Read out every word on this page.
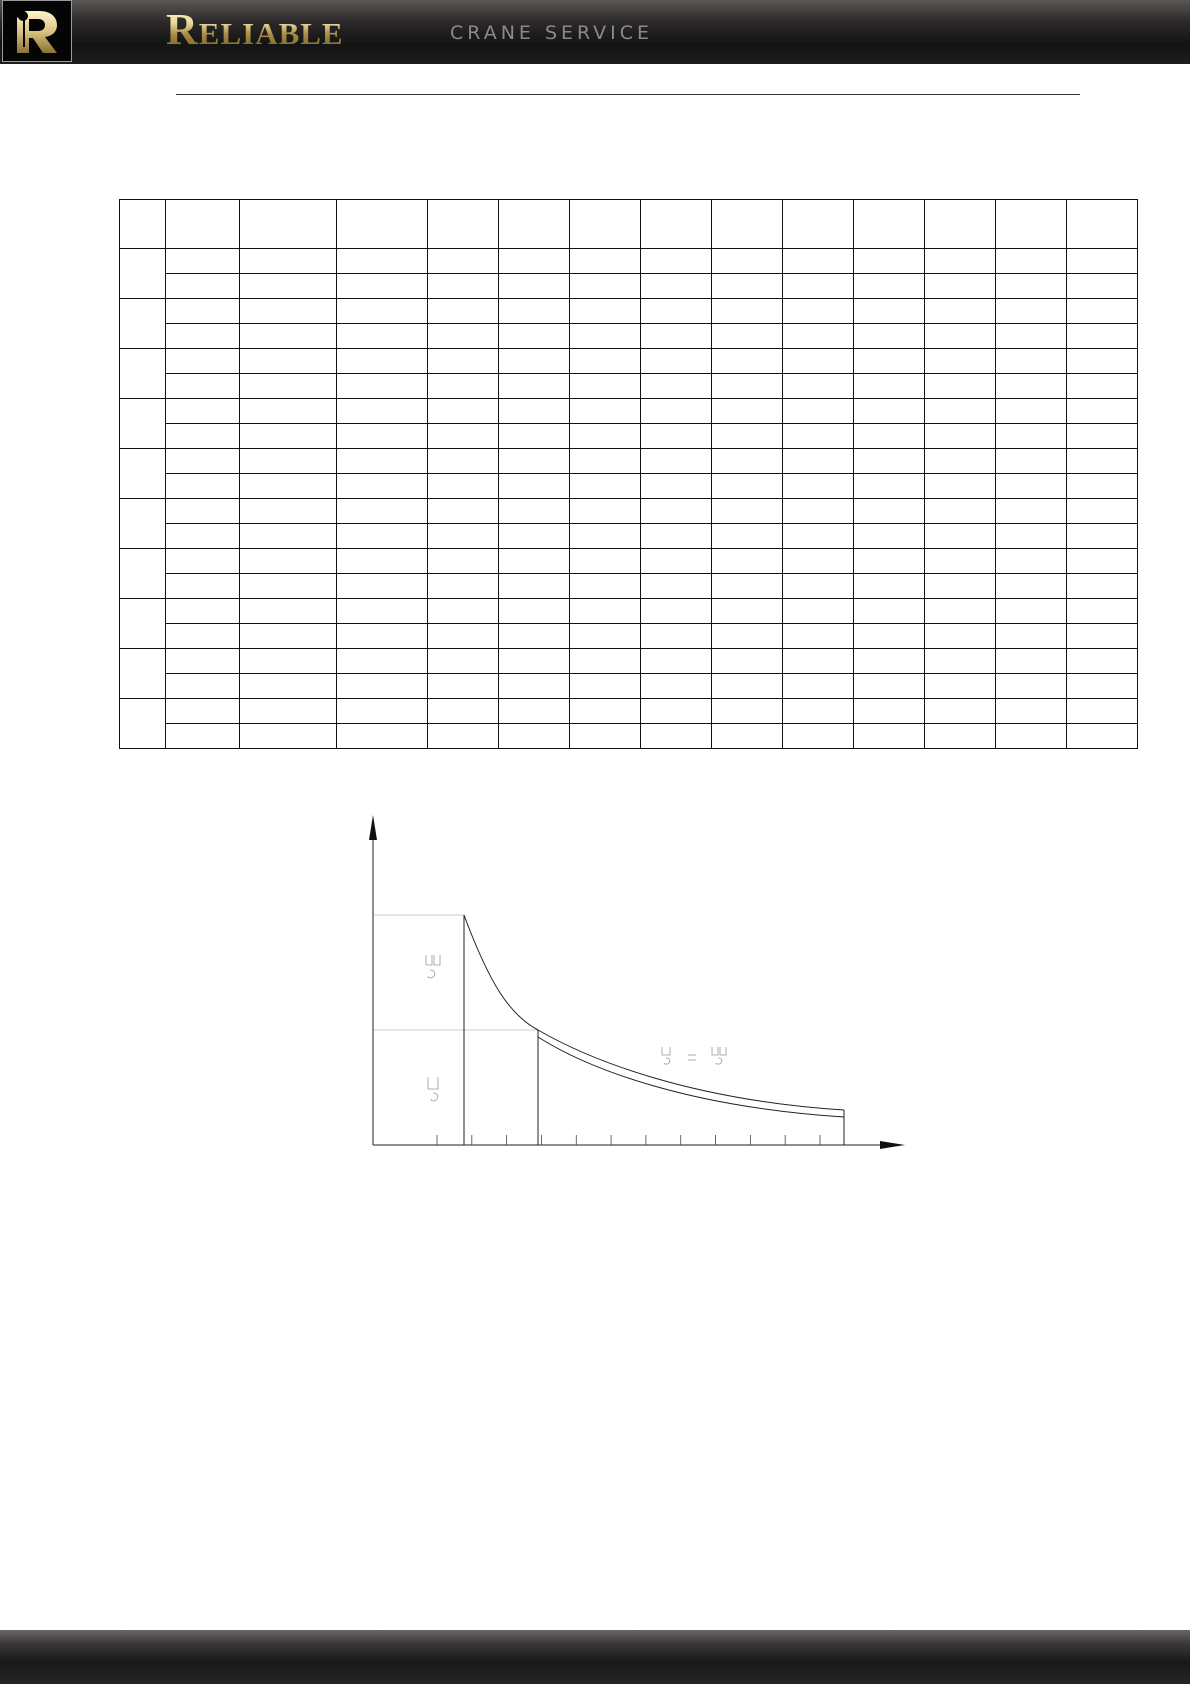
Reliable	CRANE SERVICE
